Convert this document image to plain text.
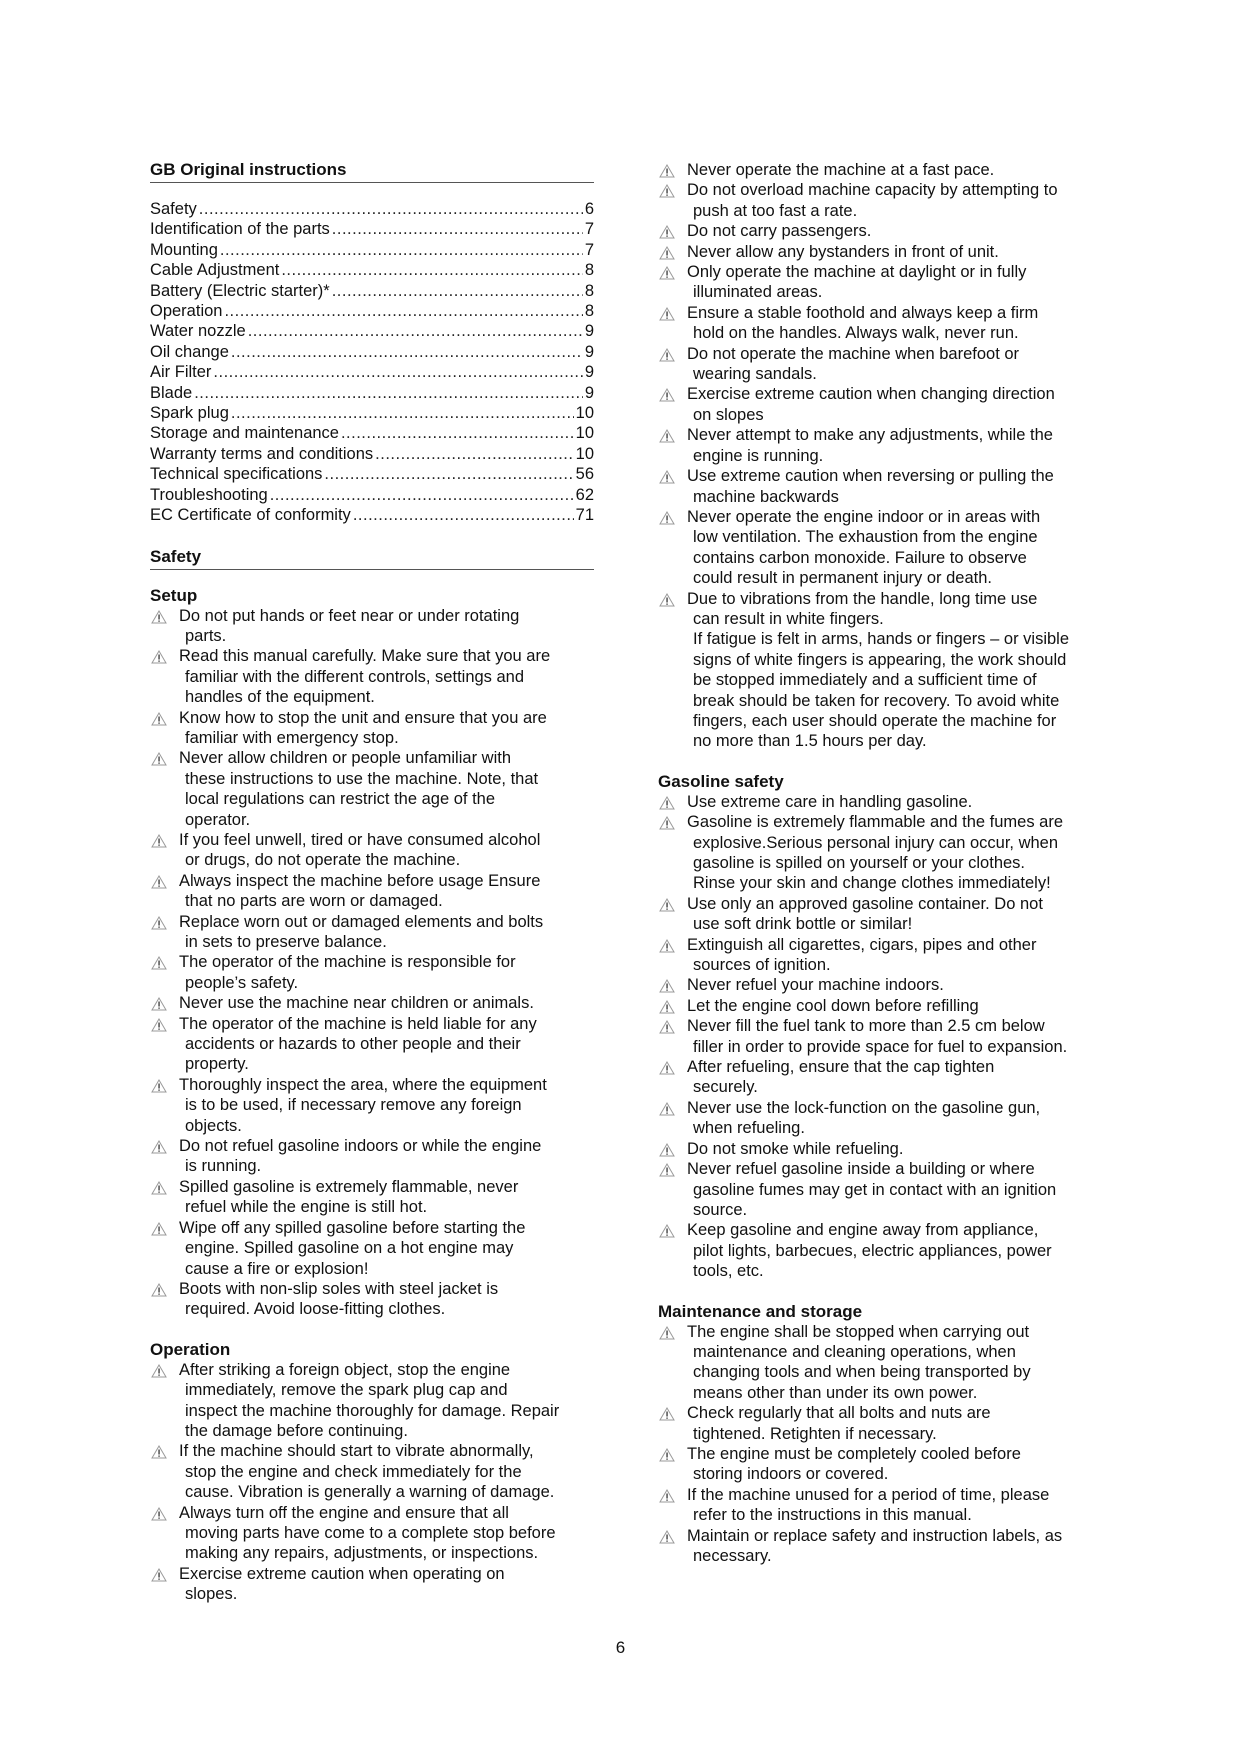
GB Original instructions
Safety .....	6
Identification of the parts .....	7
Mounting .....	7
Cable Adjustment .....	8
Battery (Electric starter)* .....	8
Operation .....	8
Water nozzle .....	9
Oil change .....	9
Air Filter .....	9
Blade .....	9
Spark plug .....	10
Storage and maintenance .....	10
Warranty terms and conditions .....	10
Technical specifications .....	56
Troubleshooting .....	62
EC Certificate of conformity .....	71
Safety
Setup
Do not put hands or feet near or under rotating
parts.
Read this manual carefully. Make sure that you are
familiar with the different controls, settings and
handles of the equipment.
Know how to stop the unit and ensure that you are
familiar with emergency stop.
Never allow children or people unfamiliar with
these instructions to use the machine. Note, that
local regulations can restrict the age of the
operator.
If you feel unwell, tired or have consumed alcohol
or drugs, do not operate the machine.
Always inspect the machine before usage Ensure
that no parts are worn or damaged.
Replace worn out or damaged elements and bolts
in sets to preserve balance.
The operator of the machine is responsible for
people’s safety.
Never use the machine near children or animals.
The operator of the machine is held liable for any
accidents or hazards to other people and their
property.
Thoroughly inspect the area, where the equipment
is to be used, if necessary remove any foreign
objects.
Do not refuel gasoline indoors or while the engine
is running.
Spilled gasoline is extremely flammable, never
refuel while the engine is still hot.
Wipe off any spilled gasoline before starting the
engine. Spilled gasoline on a hot engine may
cause a fire or explosion!
Boots with non-slip soles with steel jacket is
required. Avoid loose-fitting clothes.
Operation
After striking a foreign object, stop the engine
immediately, remove the spark plug cap and
inspect the machine thoroughly for damage. Repair
the damage before continuing.
If the machine should start to vibrate abnormally,
stop the engine and check immediately for the
cause. Vibration is generally a warning of damage.
Always turn off the engine and ensure that all
moving parts have come to a complete stop before
making any repairs, adjustments, or inspections.
Exercise extreme caution when operating on
slopes.
Never operate the machine at a fast pace.
Do not overload machine capacity by attempting to
push at too fast a rate.
Do not carry passengers.
Never allow any bystanders in front of unit.
Only operate the machine at daylight or in fully
illuminated areas.
Ensure a stable foothold and always keep a firm
hold on the handles. Always walk, never run.
Do not operate the machine when barefoot or
wearing sandals.
Exercise extreme caution when changing direction
on slopes
Never attempt to make any adjustments, while the
engine is running.
Use extreme caution when reversing or pulling the
machine backwards
Never operate the engine indoor or in areas with
low ventilation. The exhaustion from the engine
contains carbon monoxide. Failure to observe
could result in permanent injury or death.
Due to vibrations from the handle, long time use
can result in white fingers.
If fatigue is felt in arms, hands or fingers – or visible
signs of white fingers is appearing, the work should
be stopped immediately and a sufficient time of
break should be taken for recovery. To avoid white
fingers, each user should operate the machine for
no more than 1.5 hours per day.
Gasoline safety
Use extreme care in handling gasoline.
Gasoline is extremely flammable and the fumes are
explosive.Serious personal injury can occur, when
gasoline is spilled on yourself or your clothes.
Rinse your skin and change clothes immediately!
Use only an approved gasoline container. Do not
use soft drink bottle or similar!
Extinguish all cigarettes, cigars, pipes and other
sources of ignition.
Never refuel your machine indoors.
Let the engine cool down before refilling
Never fill the fuel tank to more than 2.5 cm below
filler in order to provide space for fuel to expansion.
After refueling, ensure that the cap tighten
securely.
Never use the lock-function on the gasoline gun,
when refueling.
Do not smoke while refueling.
Never refuel gasoline inside a building or where
gasoline fumes may get in contact with an ignition
source.
Keep gasoline and engine away from appliance,
pilot lights, barbecues, electric appliances, power
tools, etc.
Maintenance and storage
The engine shall be stopped when carrying out
maintenance and cleaning operations, when
changing tools and when being transported by
means other than under its own power.
Check regularly that all bolts and nuts are
tightened. Retighten if necessary.
The engine must be completely cooled before
storing indoors or covered.
If the machine unused for a period of time, please
refer to the instructions in this manual.
Maintain or replace safety and instruction labels, as
necessary.
6
